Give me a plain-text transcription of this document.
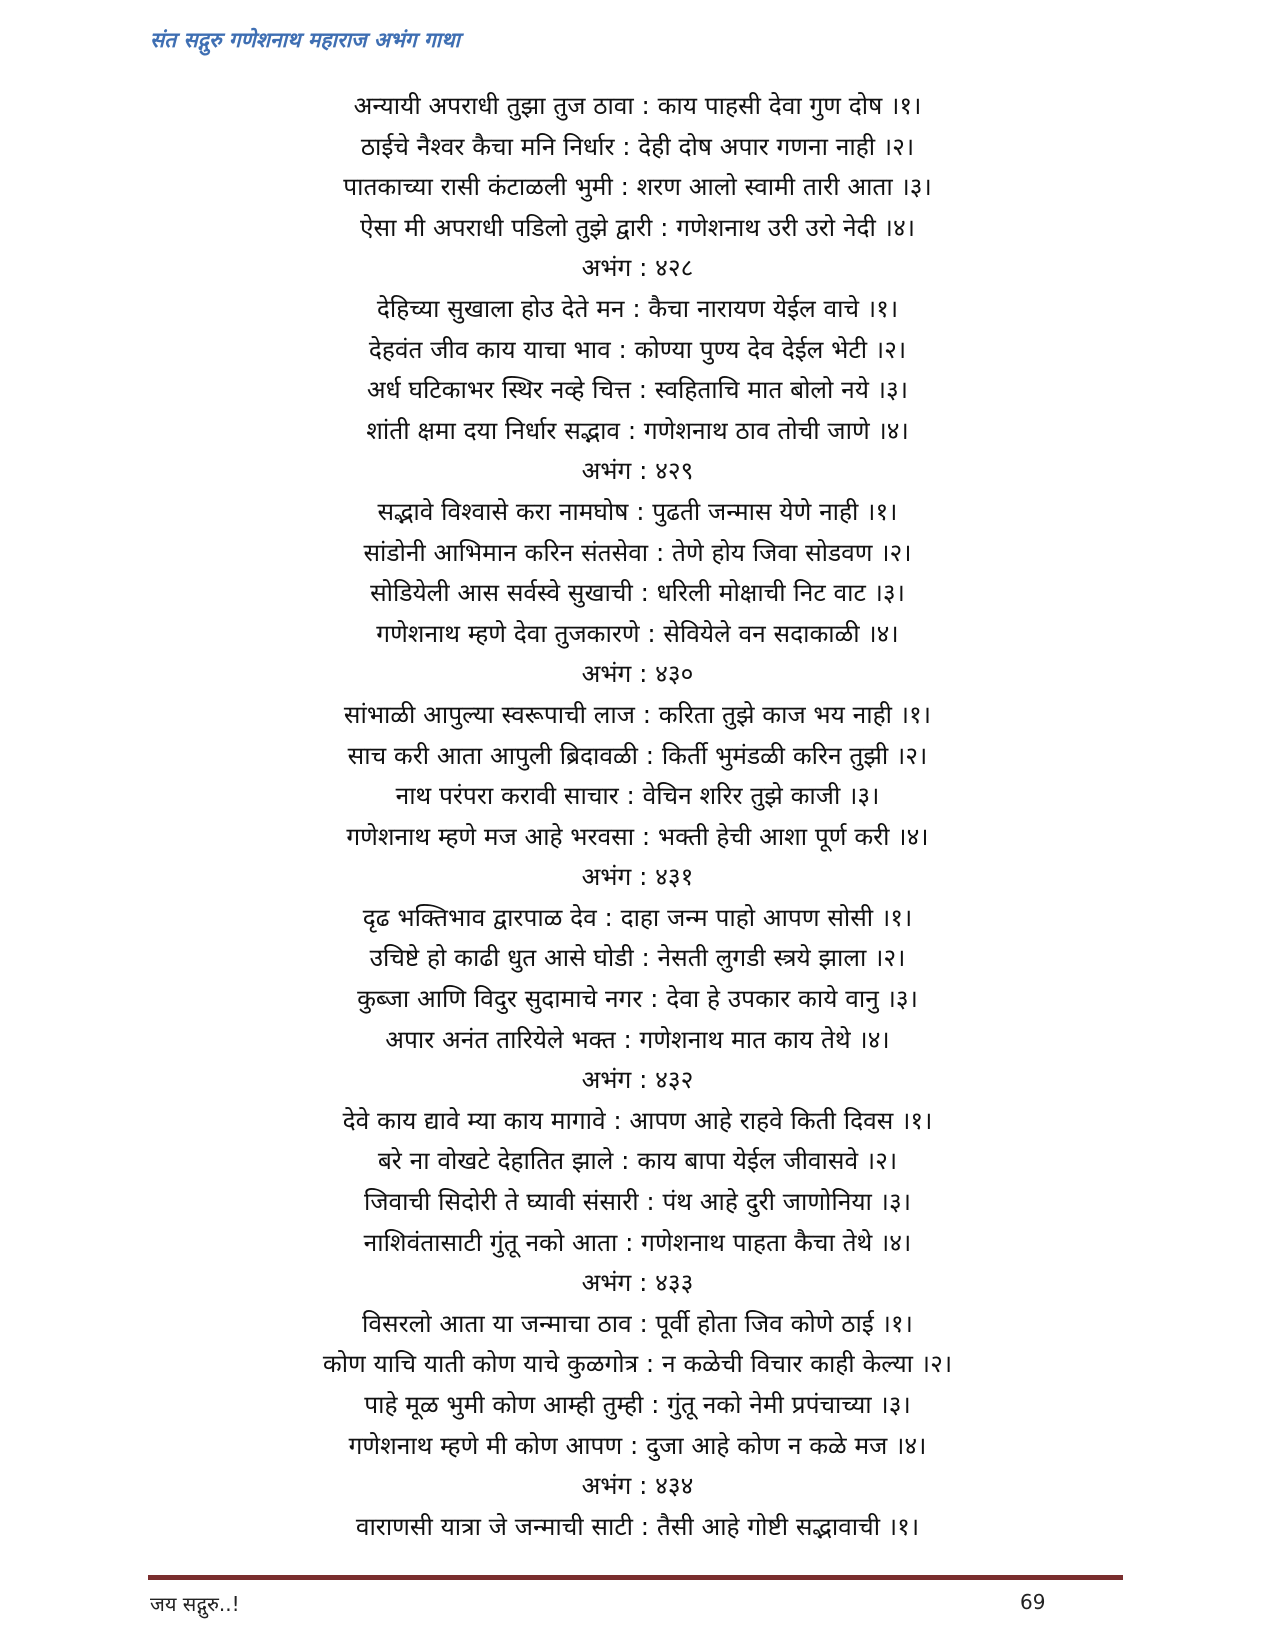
संत सद्गुरु गणेशनाथ महाराज अभंग गाथा
अन्यायी अपराधी तुझा तुज ठावा : काय पाहसी देवा गुण दोष ।१।
ठाईचे नैश्वर कैचा मनि निर्धार : देही दोष अपार गणना नाही ।२।
पातकाच्या रासी कंटाळली भुमी : शरण आलो स्वामी तारी आता ।३।
ऐसा मी अपराधी पडिलो तुझे द्वारी : गणेशनाथ उरी उरो नेदी ।४।
अभंग : ४२८
देहिच्या सुखाला होउ देते मन : कैचा नारायण येईल वाचे ।१।
देहवंत जीव काय याचा भाव : कोण्या पुण्य देव देईल भेटी ।२।
अर्ध घटिकाभर स्थिर नव्हे चित्त : स्वहिताचि मात बोलो नये ।३।
शांती क्षमा दया निर्धार सद्भाव : गणेशनाथ ठाव तोची जाणे ।४।
अभंग : ४२९
सद्भावे विश्वासे करा नामघोष : पुढती जन्मास येणे नाही ।१।
सांडोनी आभिमान करिन संतसेवा : तेणे होय जिवा सोडवण ।२।
सोडियेली आस सर्वस्वे सुखाची : धरिली मोक्षाची निट वाट ।३।
गणेशनाथ म्हणे देवा तुजकारणे : सेवियेले वन सदाकाळी ।४।
अभंग : ४३०
सांभाळी आपुल्या स्वरूपाची लाज : करिता तुझे काज भय नाही ।१।
साच करी आता आपुली ब्रिदावळी : किर्ती भुमंडळी करिन तुझी ।२।
नाथ परंपरा करावी साचार : वेचिन शरिर तुझे काजी ।३।
गणेशनाथ म्हणे मज आहे भरवसा : भक्ती हेची आशा पूर्ण करी ।४।
अभंग : ४३१
दृढ भक्तिभाव द्वारपाळ देव : दाहा जन्म पाहो आपण सोसी ।१।
उचिष्टे हो काढी धुत आसे घोडी : नेसती लुगडी स्त्रये झाला ।२।
कुब्जा आणि विदुर सुदामाचे नगर : देवा हे उपकार काये वानु ।३।
अपार अनंत तारियेले भक्त : गणेशनाथ मात काय तेथे ।४।
अभंग : ४३२
देवे काय द्यावे म्या काय मागावे : आपण आहे राहवे किती दिवस ।१।
बरे ना वोखटे देहातित झाले : काय बापा येईल जीवासवे ।२।
जिवाची सिदोरी ते घ्यावी संसारी : पंथ आहे दुरी जाणोनिया ।३।
नाशिवंतासाटी गुंतू नको आता : गणेशनाथ पाहता कैचा तेथे ।४।
अभंग : ४३३
विसरलो आता या जन्माचा ठाव : पूर्वी होता जिव कोणे ठाई ।१।
कोण याचि याती कोण याचे कुळगोत्र : न कळेची विचार काही केल्या ।२।
पाहे मूळ भुमी कोण आम्ही तुम्ही : गुंतू नको नेमी प्रपंचाच्या ।३।
गणेशनाथ म्हणे मी कोण आपण : दुजा आहे कोण न कळे मज ।४।
अभंग : ४३४
वाराणसी यात्रा जे जन्माची साटी : तैसी आहे गोष्टी सद्भावाची ।१।
जय सद्गुरु..!	69
